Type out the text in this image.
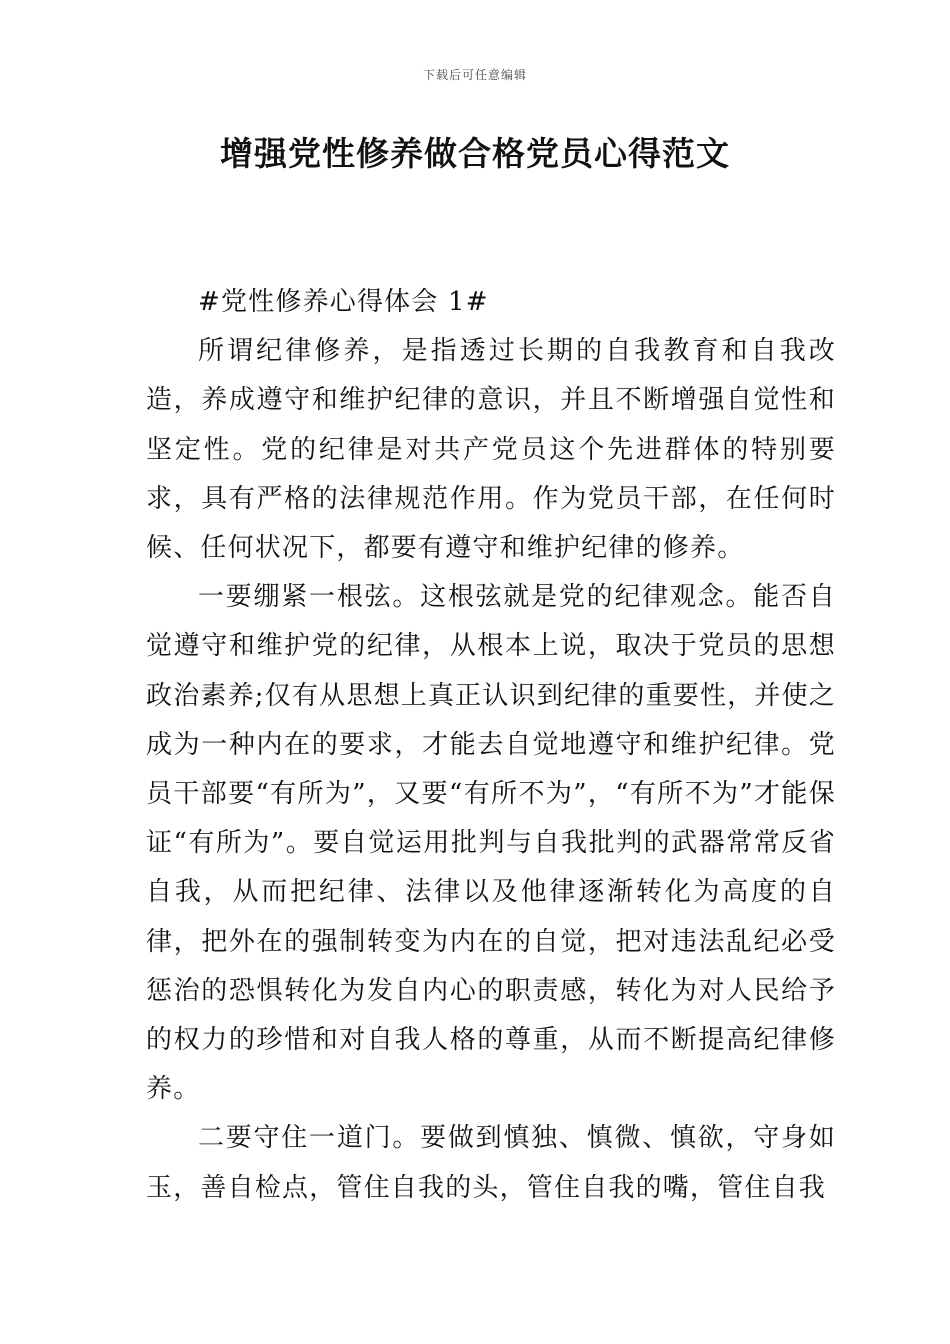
下载后可任意编辑
增强党性修养做合格党员心得范文

#党性修养心得体会 1#

所谓纪律修养，是指透过长期的自我教育和自我改造，养成遵守和维护纪律的意识，并且不断增强自觉性和坚定性。党的纪律是对共产党员这个先进群体的特别要求，具有严格的法律规范作用。作为党员干部，在任何时候、任何状况下，都要有遵守和维护纪律的修养。

一要绷紧一根弦。这根弦就是党的纪律观念。能否自觉遵守和维护党的纪律，从根本上说，取决于党员的思想政治素养;仅有从思想上真正认识到纪律的重要性，并使之成为一种内在的要求，才能去自觉地遵守和维护纪律。党员干部要“有所为”，又要“有所不为”，“有所不为”才能保证“有所为”。要自觉运用批判与自我批判的武器常常反省自我，从而把纪律、法律以及他律逐渐转化为高度的自律，把外在的强制转变为内在的自觉，把对违法乱纪必受惩治的恐惧转化为发自内心的职责感，转化为对人民给予的权力的珍惜和对自我人格的尊重，从而不断提高纪律修养。

二要守住一道门。要做到慎独、慎微、慎欲，守身如玉，善自检点，管住自我的头，管住自我的嘴，管住自我
